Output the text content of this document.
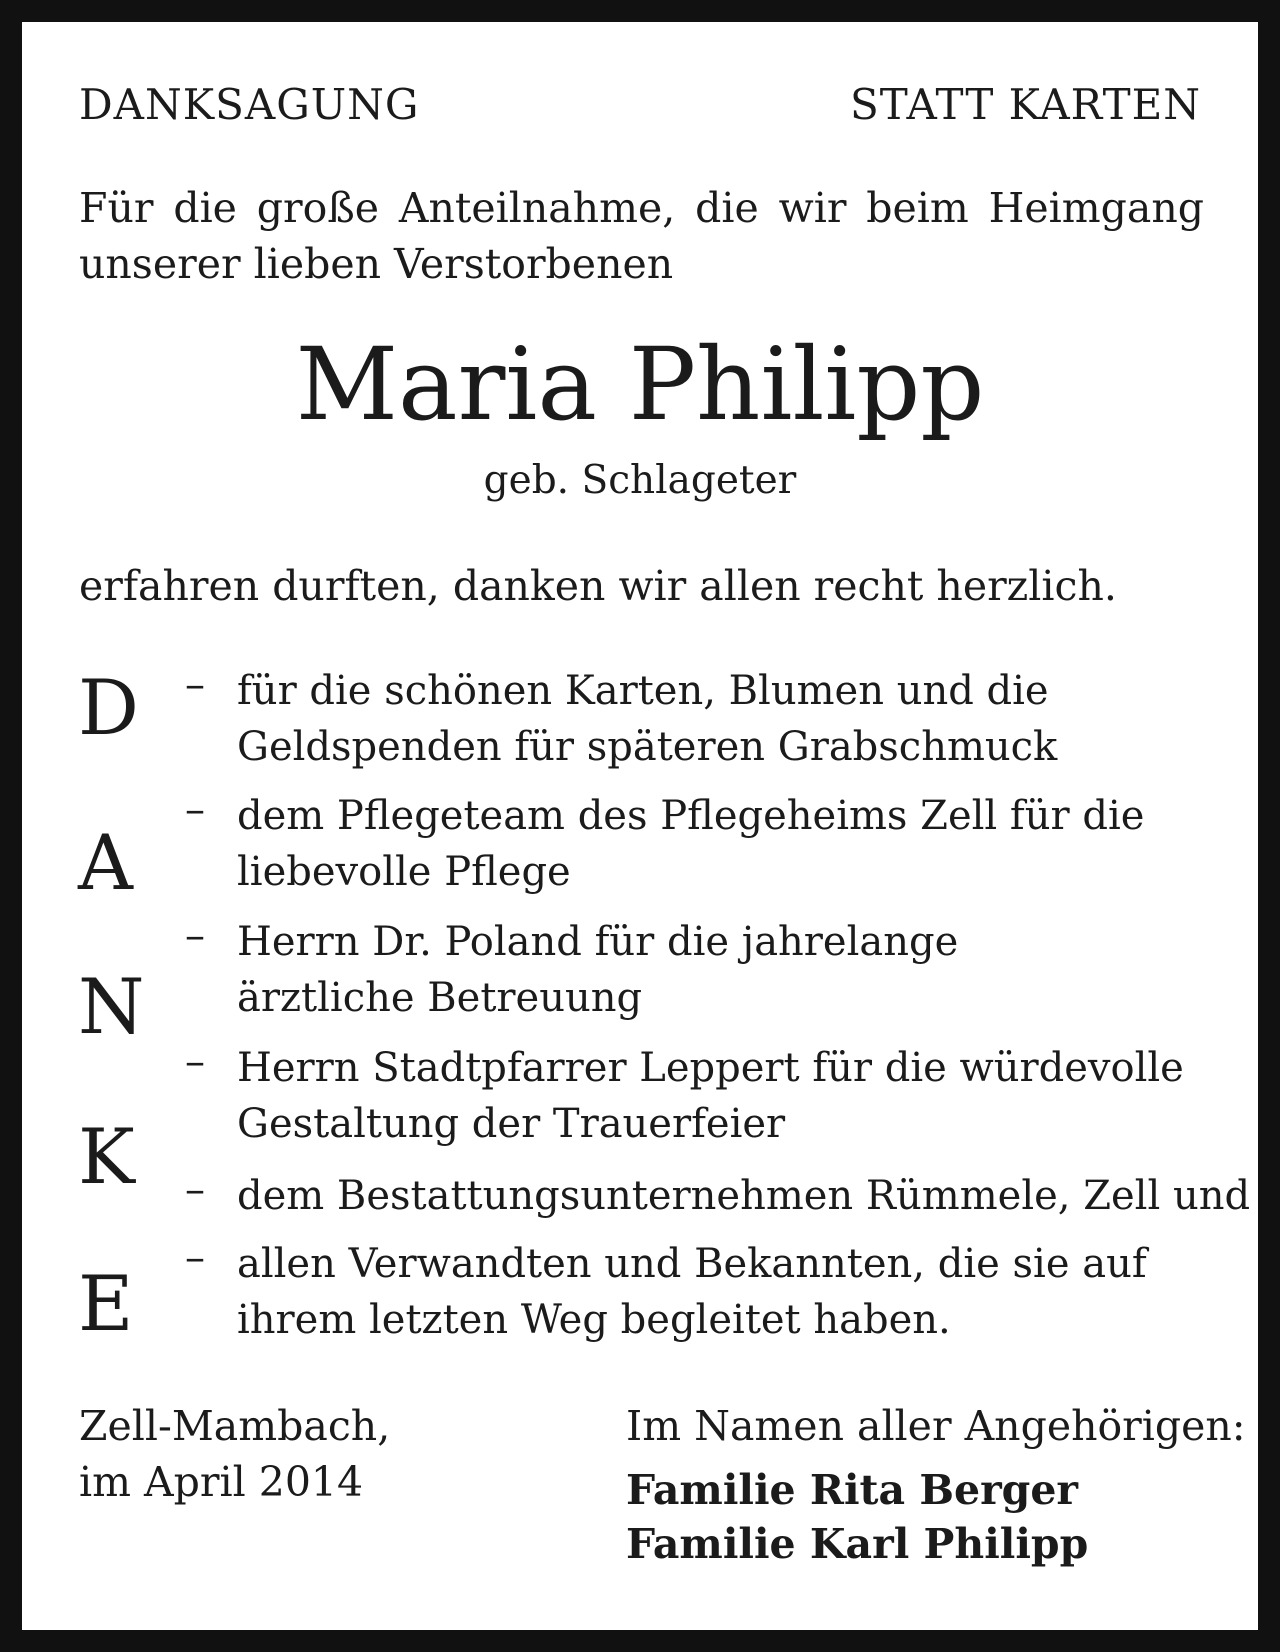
DANKSAGUNG	STATT KARTEN
Für die große Anteilnahme, die wir beim Heimgang
unserer lieben Verstorbenen
Maria Philipp
geb. Schlageter
erfahren durften, danken wir allen recht herzlich.
D
A
N
K
E
–
–
–
–
–
–
für die schönen Karten, Blumen und die
Geldspenden für späteren Grabschmuck
dem Pflegeteam des Pflegeheims Zell für die
liebevolle Pflege
Herrn Dr. Poland für die jahrelange
ärztliche Betreuung
Herrn Stadtpfarrer Leppert für die würdevolle
Gestaltung der Trauerfeier
dem Bestattungsunternehmen Rümmele, Zell und
allen Verwandten und Bekannten, die sie auf
ihrem letzten Weg begleitet haben.
Zell-Mambach,
im April 2014
Im Namen aller Angehörigen:
Familie Rita Berger
Familie Karl Philipp
